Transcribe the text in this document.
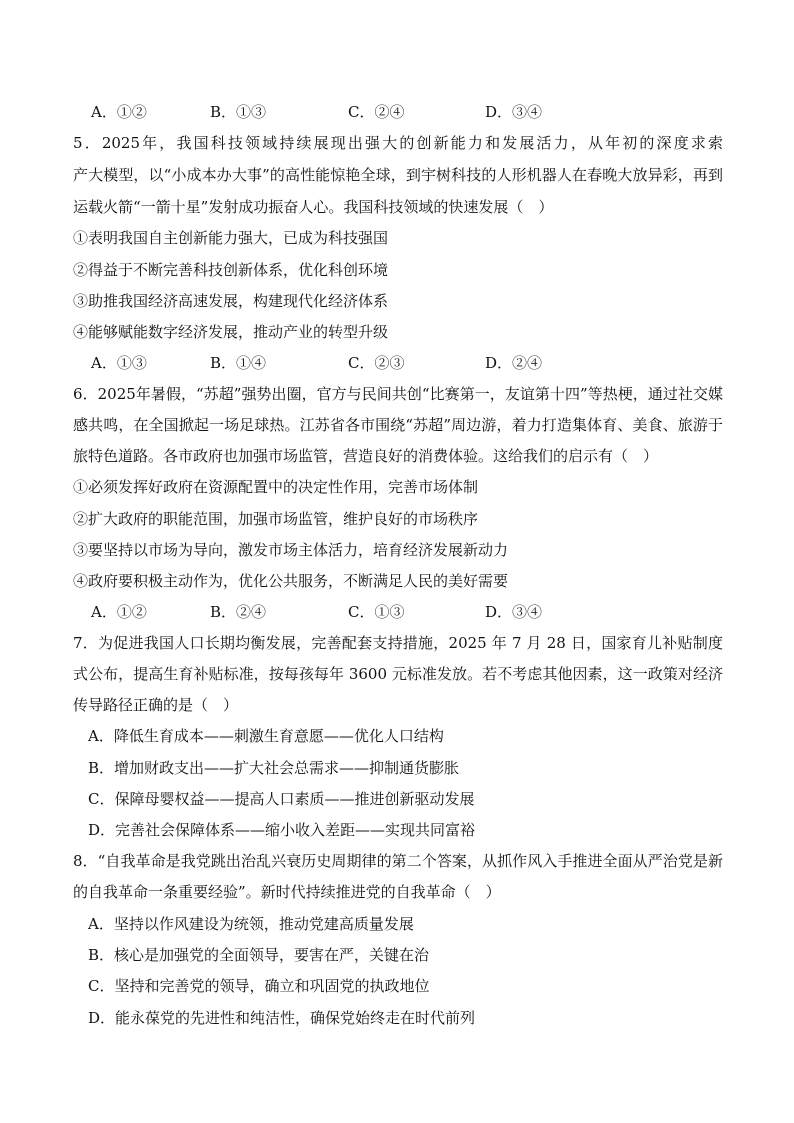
A．①②	B．①③	C．②④	D．③④
5．2025年，我国科技领域持续展现出强大的创新能力和发展活力，从年初的深度求索
产大模型，以“小成本办大事”的高性能惊艳全球，到宇树科技的人形机器人在春晚大放异彩，再到
运载火箭“一箭十星”发射成功振奋人心。我国科技领域的快速发展（　）
①表明我国自主创新能力强大，已成为科技强国
②得益于不断完善科技创新体系，优化科创环境
③助推我国经济高速发展，构建现代化经济体系
④能够赋能数字经济发展，推动产业的转型升级
A．①③	B．①④	C．②③	D．②④
6．2025年暑假，“苏超”强势出圈，官方与民间共创“比赛第一，友谊第十四”等热梗，通过社交媒
感共鸣，在全国掀起一场足球热。江苏省各市围绕“苏超”周边游，着力打造集体育、美食、旅游于
旅特色道路。各市政府也加强市场监管，营造良好的消费体验。这给我们的启示有（　）
①必须发挥好政府在资源配置中的决定性作用，完善市场体制
②扩大政府的职能范围，加强市场监管，维护良好的市场秩序
③要坚持以市场为导向，激发市场主体活力，培育经济发展新动力
④政府要积极主动作为，优化公共服务，不断满足人民的美好需要
A．①②	B．②④	C．①③	D．③④
7．为促进我国人口长期均衡发展，完善配套支持措施，2025 年 7 月 28 日，国家育儿补贴制度
式公布，提高生育补贴标准，按每孩每年 3600 元标准发放。若不考虑其他因素，这一政策对经济
传导路径正确的是（　）
A．降低生育成本——刺激生育意愿——优化人口结构
B．增加财政支出——扩大社会总需求——抑制通货膨胀
C．保障母婴权益——提高人口素质——推进创新驱动发展
D．完善社会保障体系——缩小收入差距——实现共同富裕
8．“自我革命是我党跳出治乱兴衰历史周期律的第二个答案，从抓作风入手推进全面从严治党是新
的自我革命一条重要经验”。新时代持续推进党的自我革命（　）
A．坚持以作风建设为统领，推动党建高质量发展
B．核心是加强党的全面领导，要害在严，关键在治
C．坚持和完善党的领导，确立和巩固党的执政地位
D．能永葆党的先进性和纯洁性，确保党始终走在时代前列
